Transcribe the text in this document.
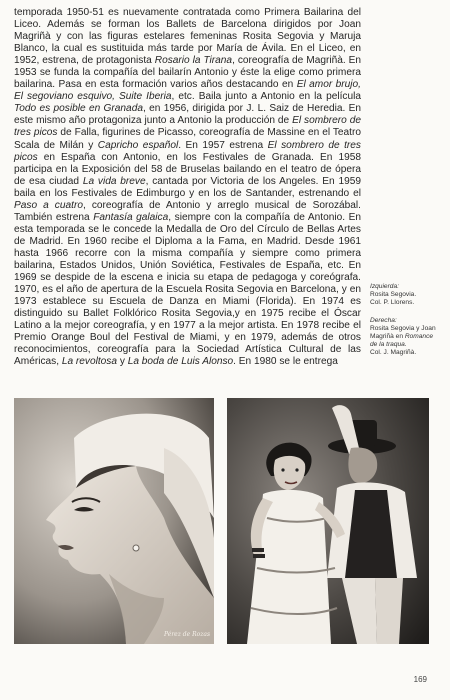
temporada 1950-51 es nuevamente contratada como Primera Bailarina del Liceo. Además se forman los Ballets de Barcelona dirigidos por Joan Magriñà y con las figuras estelares femeninas Rosita Segovia y Maruja Blanco, la cual es sustituida más tarde por María de Ávila. En el Liceo, en 1952, estrena, de protagonista Rosario la Tirana, coreografía de Magriñà. En 1953 se funda la compañía del bailarín Antonio y éste la elige como primera bailarina. Pasa en esta formación varios años destacando en El amor brujo, El segoviano esquivo, Suite Iberia, etc. Baila junto a Antonio en la película Todo es posible en Granada, en 1956, dirigida por J. L. Saiz de Heredia. En este mismo año protagoniza junto a Antonio la producción de El sombrero de tres picos de Falla, figurines de Picasso, coreografía de Massine en el Teatro Scala de Milán y Capricho español. En 1957 estrena El sombrero de tres picos en España con Antonio, en los Festivales de Granada. En 1958 participa en la Exposición del 58 de Bruselas bailando en el teatro de ópera de esa ciudad La vida breve, cantada por Victoria de los Angeles. En 1959 baila en los Festivales de Edimburgo y en los de Santander, estrenando el Paso a cuatro, coreografía de Antonio y arreglo musical de Sorozábal. También estrena Fantasía galaica, siempre con la compañía de Antonio. En esta temporada se le concede la Medalla de Oro del Círculo de Bellas Artes de Madrid. En 1960 recibe el Diploma a la Fama, en Madrid. Desde 1961 hasta 1966 recorre con la misma compañía y siempre como primera bailarina, Estados Unidos, Unión Soviética, Festivales de España, etc. En 1969 se despide de la escena e inicia su etapa de pedagoga y coreógrafa. 1970, es el año de apertura de la Escuela Rosita Segovia en Barcelona, y en 1973 establece su Escuela de Danza en Miami (Florida). En 1974 es distinguido su Ballet Folklórico Rosita Segovia,y en 1975 recibe el Óscar Latino a la mejor coreografía, y en 1977 a la mejor artista. En 1978 recibe el Premio Orange Boul del Festival de Miami, y en 1979, además de otros reconocimientos, coreografía para la Sociedad Artística Cultural de las Américas, La revoltosa y La boda de Luis Alonso. En 1980 se le entrega

Izquierda:
Rosita Segovia.
Col. P. Llorens.
Derecha:
Rosita Segovia y Joan Magriñà en Romance de la traqua.
Col. J. Magriñà.
Pérez de Rozas
169
